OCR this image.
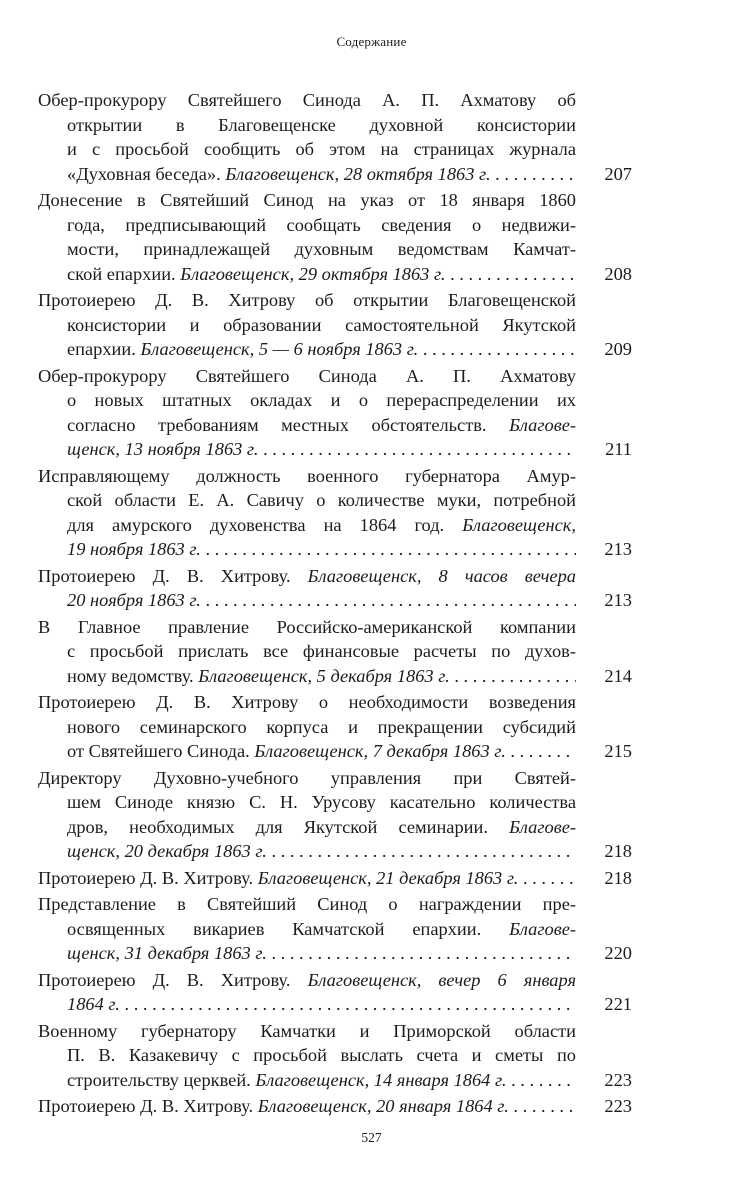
Содержание

Обер-прокурору Святейшего Синода А. П. Ахматову об

открытии в Благовещенске духовной консистории

и с просьбой сообщить об этом на страницах журнала

«Духовная беседа». Благовещенск, 28 октября 1863 г. . . .	207

Донесение в Святейший Синод на указ от 18 января 1860

года, предписывающий сообщать сведения о недвижи-

мости, принадлежащей духовным ведомствам Камчат-

ской епархии. Благовещенск, 29 октября 1863 г. . . .	208

Протоиерею Д. В. Хитрову об открытии Благовещенской

консистории и образовании самостоятельной Якутской

епархии. Благовещенск, 5 — 6 ноября 1863 г. . . .	209

Обер-прокурору Святейшего Синода А. П. Ахматову

о новых штатных окладах и о перераспределении их

согласно требованиям местных обстоятельств. Благове-

щенск, 13 ноября 1863 г. . . .	211

Исправляющему должность военного губернатора Амур-

ской области Е. А. Савичу о количестве муки, потребной

для амурского духовенства на 1864 год. Благовещенск,

19 ноября 1863 г. . . .	213

Протоиерею Д. В. Хитрову. Благовещенск, 8 часов вечера

20 ноября 1863 г. . . .	213

В Главное правление Российско-американской компании

с просьбой прислать все финансовые расчеты по духов-

ному ведомству. Благовещенск, 5 декабря 1863 г. . . .	214

Протоиерею Д. В. Хитрову о необходимости возведения

нового семинарского корпуса и прекращении субсидий

от Святейшего Синода. Благовещенск, 7 декабря 1863 г. . . .	215

Директору Духовно-учебного управления при Святей-

шем Синоде князю С. Н. Урусову касательно количества

дров, необходимых для Якутской семинарии. Благове-

щенск, 20 декабря 1863 г. . . .	218

Протоиерею Д. В. Хитрову. Благовещенск, 21 декабря 1863 г. . . .	218

Представление в Святейший Синод о награждении пре-

освященных викариев Камчатской епархии. Благове-

щенск, 31 декабря 1863 г. . . .	220

Протоиерею Д. В. Хитрову. Благовещенск, вечер 6 января

1864 г. . . .	221

Военному губернатору Камчатки и Приморской области

П. В. Казакевичу с просьбой выслать счета и сметы по

строительству церквей. Благовещенск, 14 января 1864 г. . . .	223

Протоиерею Д. В. Хитрову. Благовещенск, 20 января 1864 г. . . .	223
527
